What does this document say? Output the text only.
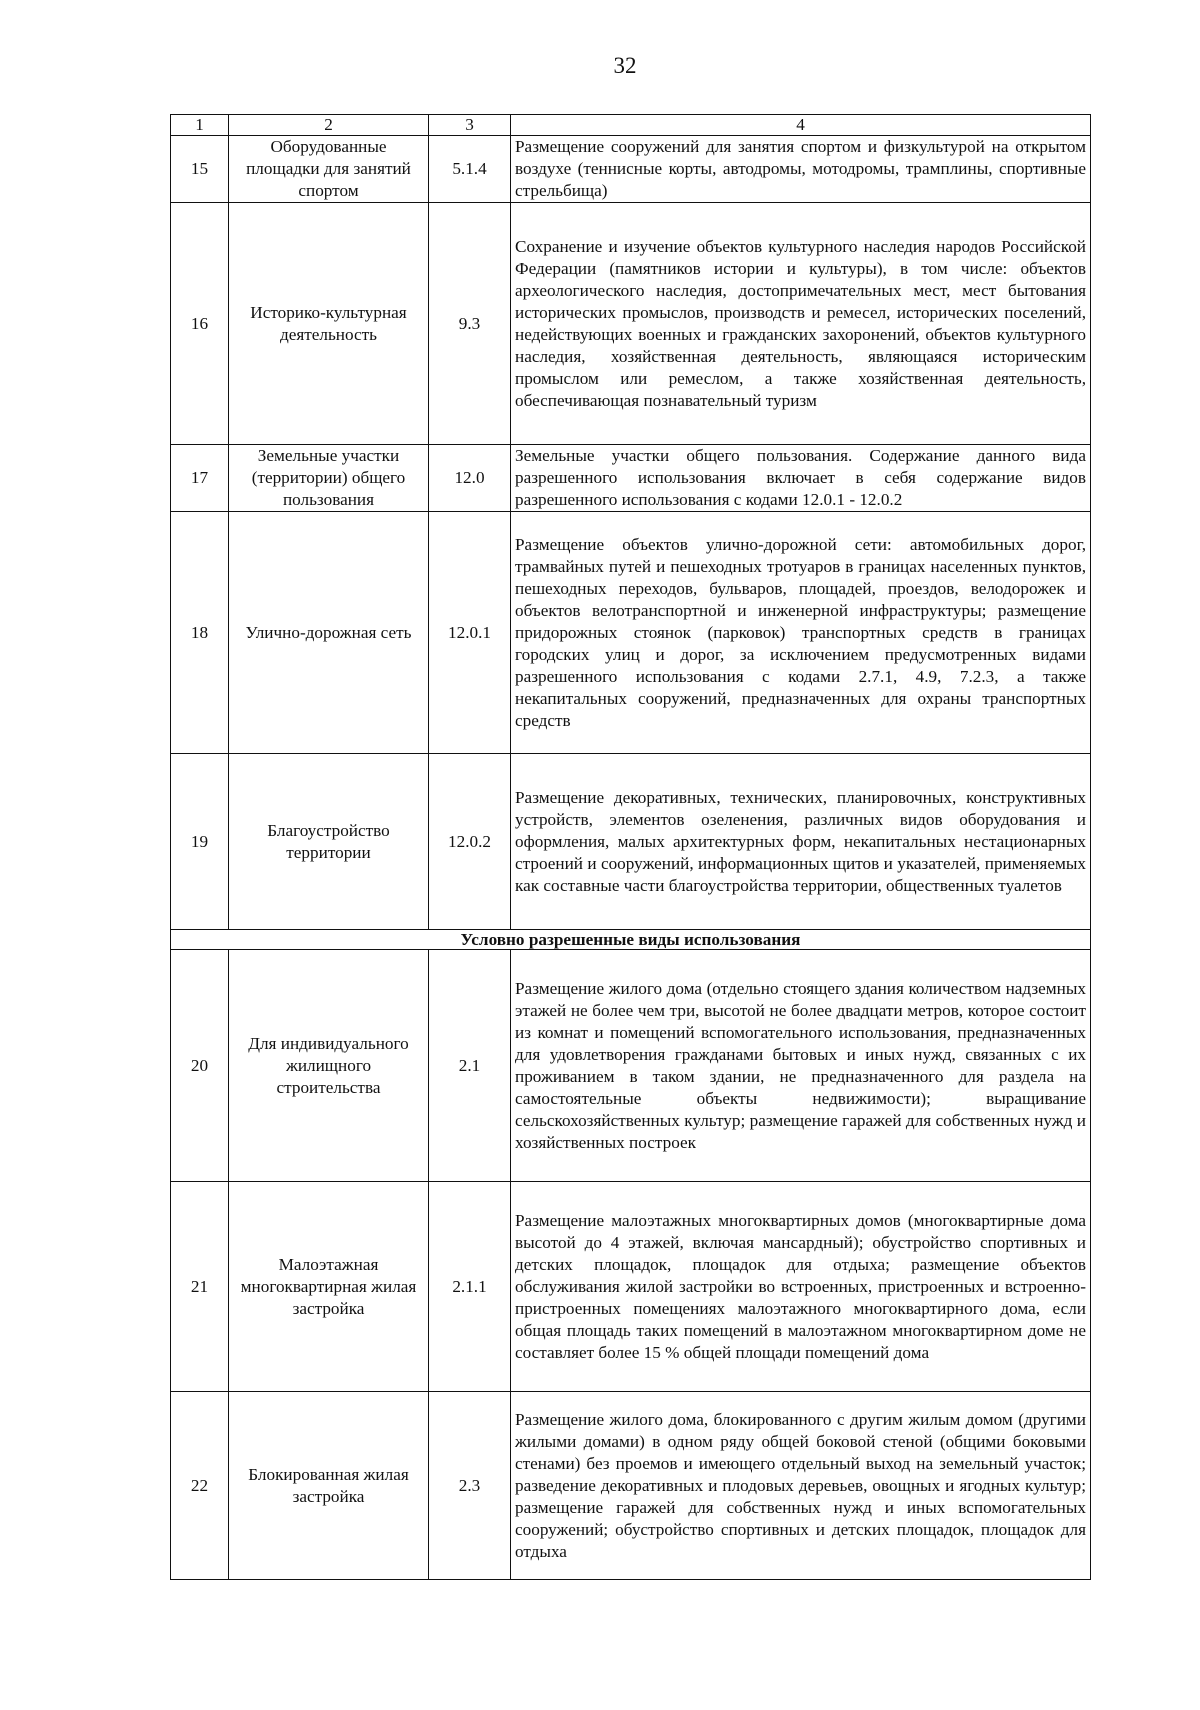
32
1	2	3	4
15	Оборудованные площадки для занятий спортом	5.1.4	Размещение сооружений для занятия спортом и физкультурой на открытом воздухе (теннисные корты, автодромы, мотодромы, трамплины, спортивные стрельбища)
16	Историко-культурная деятельность	9.3	Сохранение и изучение объектов культурного наследия народов Российской Федерации (памятников истории и культуры), в том числе: объектов археологического наследия, достопримечательных мест, мест бытования исторических промыслов, производств и ремесел, исторических поселений, недействующих военных и гражданских захоронений, объектов культурного наследия, хозяйственная деятельность, являющаяся историческим промыслом или ремеслом, а также хозяйственная деятельность, обеспечивающая познавательный туризм
17	Земельные участки (территории) общего пользования	12.0	Земельные участки общего пользования. Содержание данного вида разрешенного использования включает в себя содержание видов разрешенного использования с кодами 12.0.1 - 12.0.2
18	Улично-дорожная сеть	12.0.1	Размещение объектов улично-дорожной сети: автомобильных дорог, трамвайных путей и пешеходных тротуаров в границах населенных пунктов, пешеходных переходов, бульваров, площадей, проездов, велодорожек и объектов велотранспортной и инженерной инфраструктуры; размещение придорожных стоянок (парковок) транспортных средств в границах городских улиц и дорог, за исключением предусмотренных видами разрешенного использования с кодами 2.7.1, 4.9, 7.2.3, а также некапитальных сооружений, предназначенных для охраны транспортных средств
19	Благоустройство территории	12.0.2	Размещение декоративных, технических, планировочных, конструктивных устройств, элементов озеленения, различных видов оборудования и оформления, малых архитектурных форм, некапитальных нестационарных строений и сооружений, информационных щитов и указателей, применяемых как составные части благоустройства территории, общественных туалетов
Условно разрешенные виды использования			
20	Для индивидуального жилищного строительства	2.1	Размещение жилого дома (отдельно стоящего здания количеством надземных этажей не более чем три, высотой не более двадцати метров, которое состоит из комнат и помещений вспомогательного использования, предназначенных для удовлетворения гражданами бытовых и иных нужд, связанных с их проживанием в таком здании, не предназначенного для раздела на самостоятельные объекты недвижимости); выращивание сельскохозяйственных культур; размещение гаражей для собственных нужд и хозяйственных построек
21	Малоэтажная многоквартирная жилая застройка	2.1.1	Размещение малоэтажных многоквартирных домов (многоквартирные дома высотой до 4 этажей, включая мансардный); обустройство спортивных и детских площадок, площадок для отдыха; размещение объектов обслуживания жилой застройки во встроенных, пристроенных и встроенно-пристроенных помещениях малоэтажного многоквартирного дома, если общая площадь таких помещений в малоэтажном многоквартирном доме не составляет более 15 % общей площади помещений дома
22	Блокированная жилая застройка	2.3	Размещение жилого дома, блокированного с другим жилым домом (другими жилыми домами) в одном ряду общей боковой стеной (общими боковыми стенами) без проемов и имеющего отдельный выход на земельный участок; разведение декоративных и плодовых деревьев, овощных и ягодных культур; размещение гаражей для собственных нужд и иных вспомогательных сооружений; обустройство спортивных и детских площадок, площадок для отдыха
